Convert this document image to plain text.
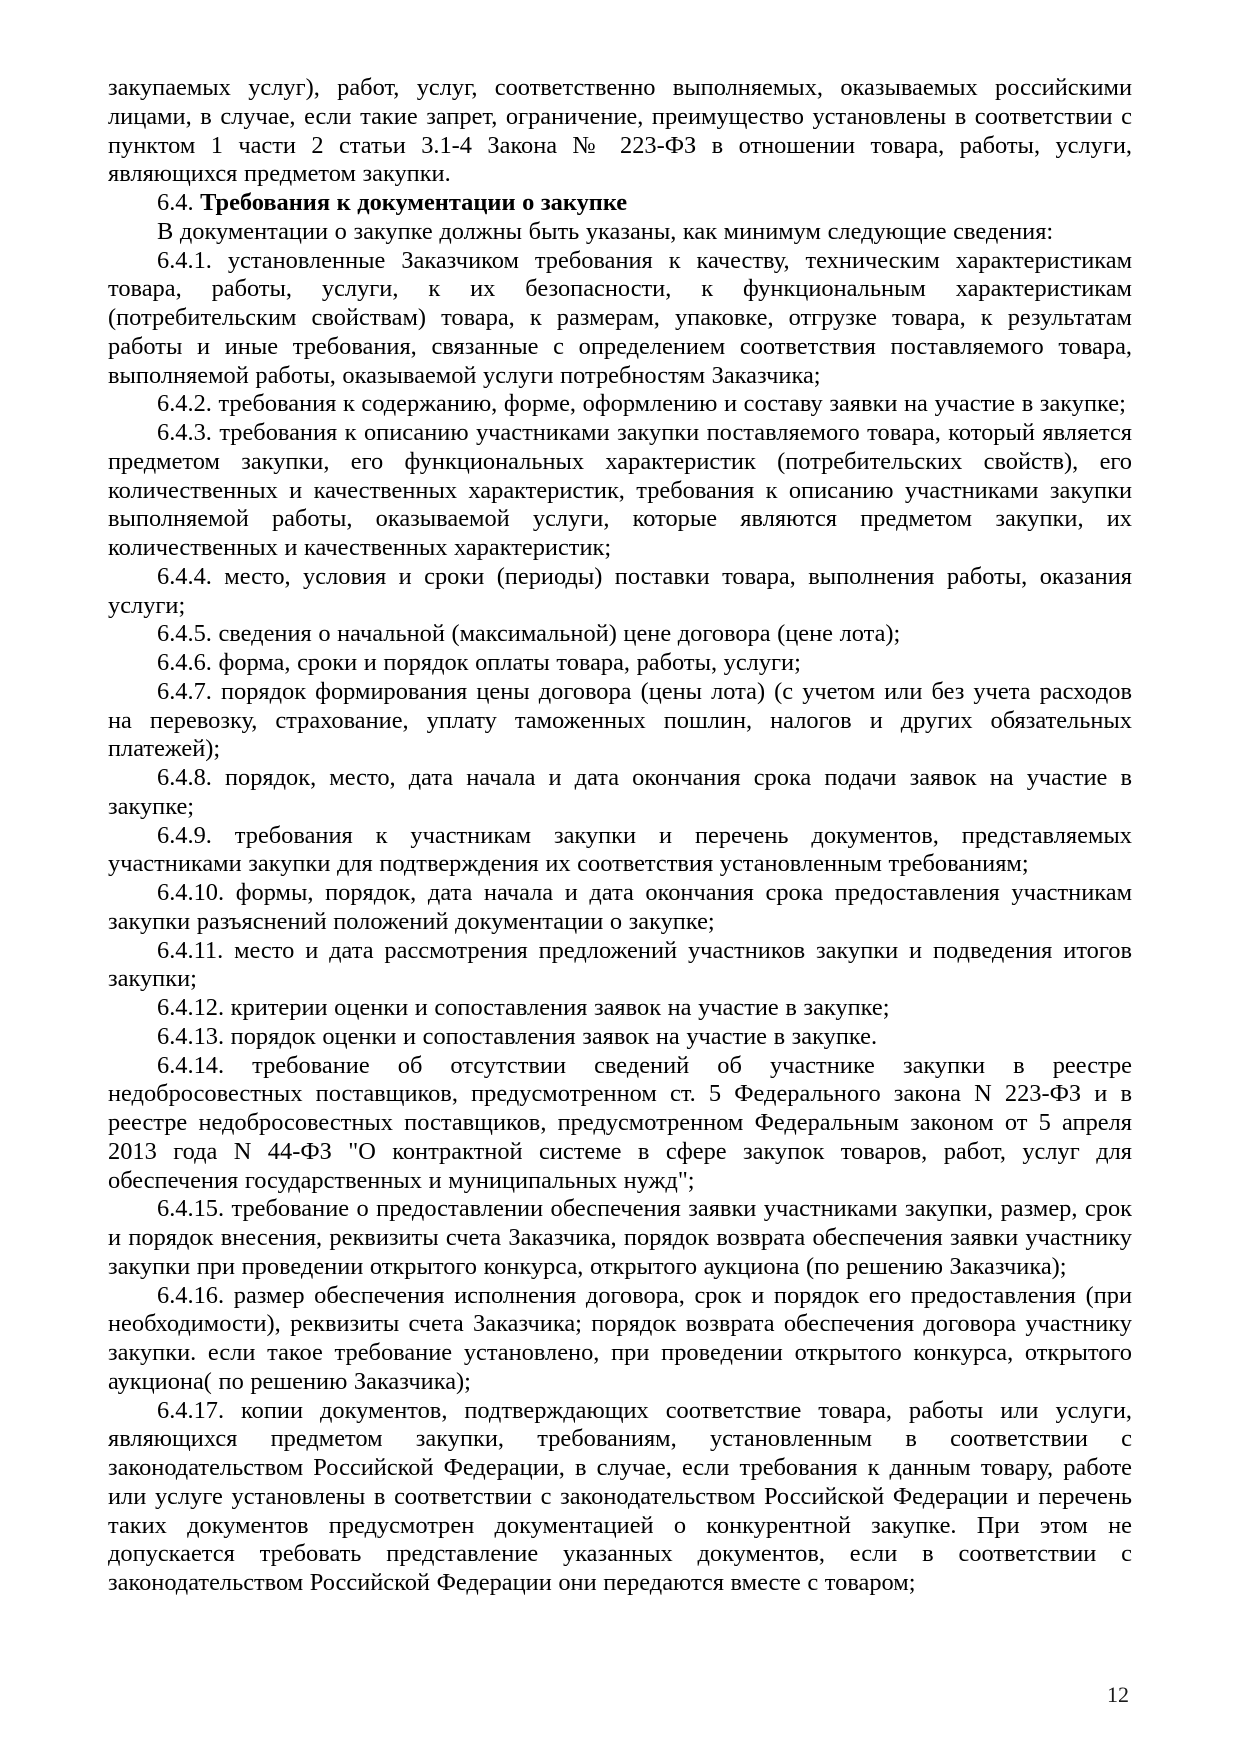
закупаемых услуг), работ, услуг, соответственно выполняемых, оказываемых российскими лицами, в случае, если такие запрет, ограничение, преимущество установлены в соответствии с пунктом 1 части 2 статьи 3.1-4 Закона № 223-ФЗ в отношении товара, работы, услуги, являющихся предметом закупки.

6.4. Требования к документации о закупке

В документации о закупке должны быть указаны, как минимум следующие сведения:

6.4.1. установленные Заказчиком требования к качеству, техническим характеристикам товара, работы, услуги, к их безопасности, к функциональным характеристикам (потребительским свойствам) товара, к размерам, упаковке, отгрузке товара, к результатам работы и иные требования, связанные с определением соответствия поставляемого товара, выполняемой работы, оказываемой услуги потребностям Заказчика;

6.4.2. требования к содержанию, форме, оформлению и составу заявки на участие в закупке;

6.4.3. требования к описанию участниками закупки поставляемого товара, который является предметом закупки, его функциональных характеристик (потребительских свойств), его количественных и качественных характеристик, требования к описанию участниками закупки выполняемой работы, оказываемой услуги, которые являются предметом закупки, их количественных и качественных характеристик;

6.4.4. место, условия и сроки (периоды) поставки товара, выполнения работы, оказания услуги;

6.4.5. сведения о начальной (максимальной) цене договора (цене лота);

6.4.6. форма, сроки и порядок оплаты товара, работы, услуги;

6.4.7. порядок формирования цены договора (цены лота) (с учетом или без учета расходов на перевозку, страхование, уплату таможенных пошлин, налогов и других обязательных платежей);

6.4.8. порядок, место, дата начала и дата окончания срока подачи заявок на участие в закупке;

6.4.9. требования к участникам закупки и перечень документов, представляемых участниками закупки для подтверждения их соответствия установленным требованиям;

6.4.10. формы, порядок, дата начала и дата окончания срока предоставления участникам закупки разъяснений положений документации о закупке;

6.4.11. место и дата рассмотрения предложений участников закупки и подведения итогов закупки;

6.4.12. критерии оценки и сопоставления заявок на участие в закупке;

6.4.13. порядок оценки и сопоставления заявок на участие в закупке.

6.4.14. требование об отсутствии сведений об участнике закупки в реестре недобросовестных поставщиков, предусмотренном ст. 5 Федерального закона N 223-ФЗ и в реестре недобросовестных поставщиков, предусмотренном Федеральным законом от 5 апреля 2013 года N 44-ФЗ "О контрактной системе в сфере закупок товаров, работ, услуг для обеспечения государственных и муниципальных нужд";

6.4.15. требование о предоставлении обеспечения заявки участниками закупки, размер, срок и порядок внесения, реквизиты счета Заказчика, порядок возврата обеспечения заявки участнику закупки при проведении открытого конкурса, открытого аукциона (по решению Заказчика);

6.4.16. размер обеспечения исполнения договора, срок и порядок его предоставления (при необходимости), реквизиты счета Заказчика; порядок возврата обеспечения договора участнику закупки. если такое требование установлено, при проведении открытого конкурса, открытого аукциона( по решению Заказчика);

6.4.17. копии документов, подтверждающих соответствие товара, работы или услуги, являющихся предметом закупки, требованиям, установленным в соответствии с законодательством Российской Федерации, в случае, если требования к данным товару, работе или услуге установлены в соответствии с законодательством Российской Федерации и перечень таких документов предусмотрен документацией о конкурентной закупке. При этом не допускается требовать представление указанных документов, если в соответствии с законодательством Российской Федерации они передаются вместе с товаром;

12
